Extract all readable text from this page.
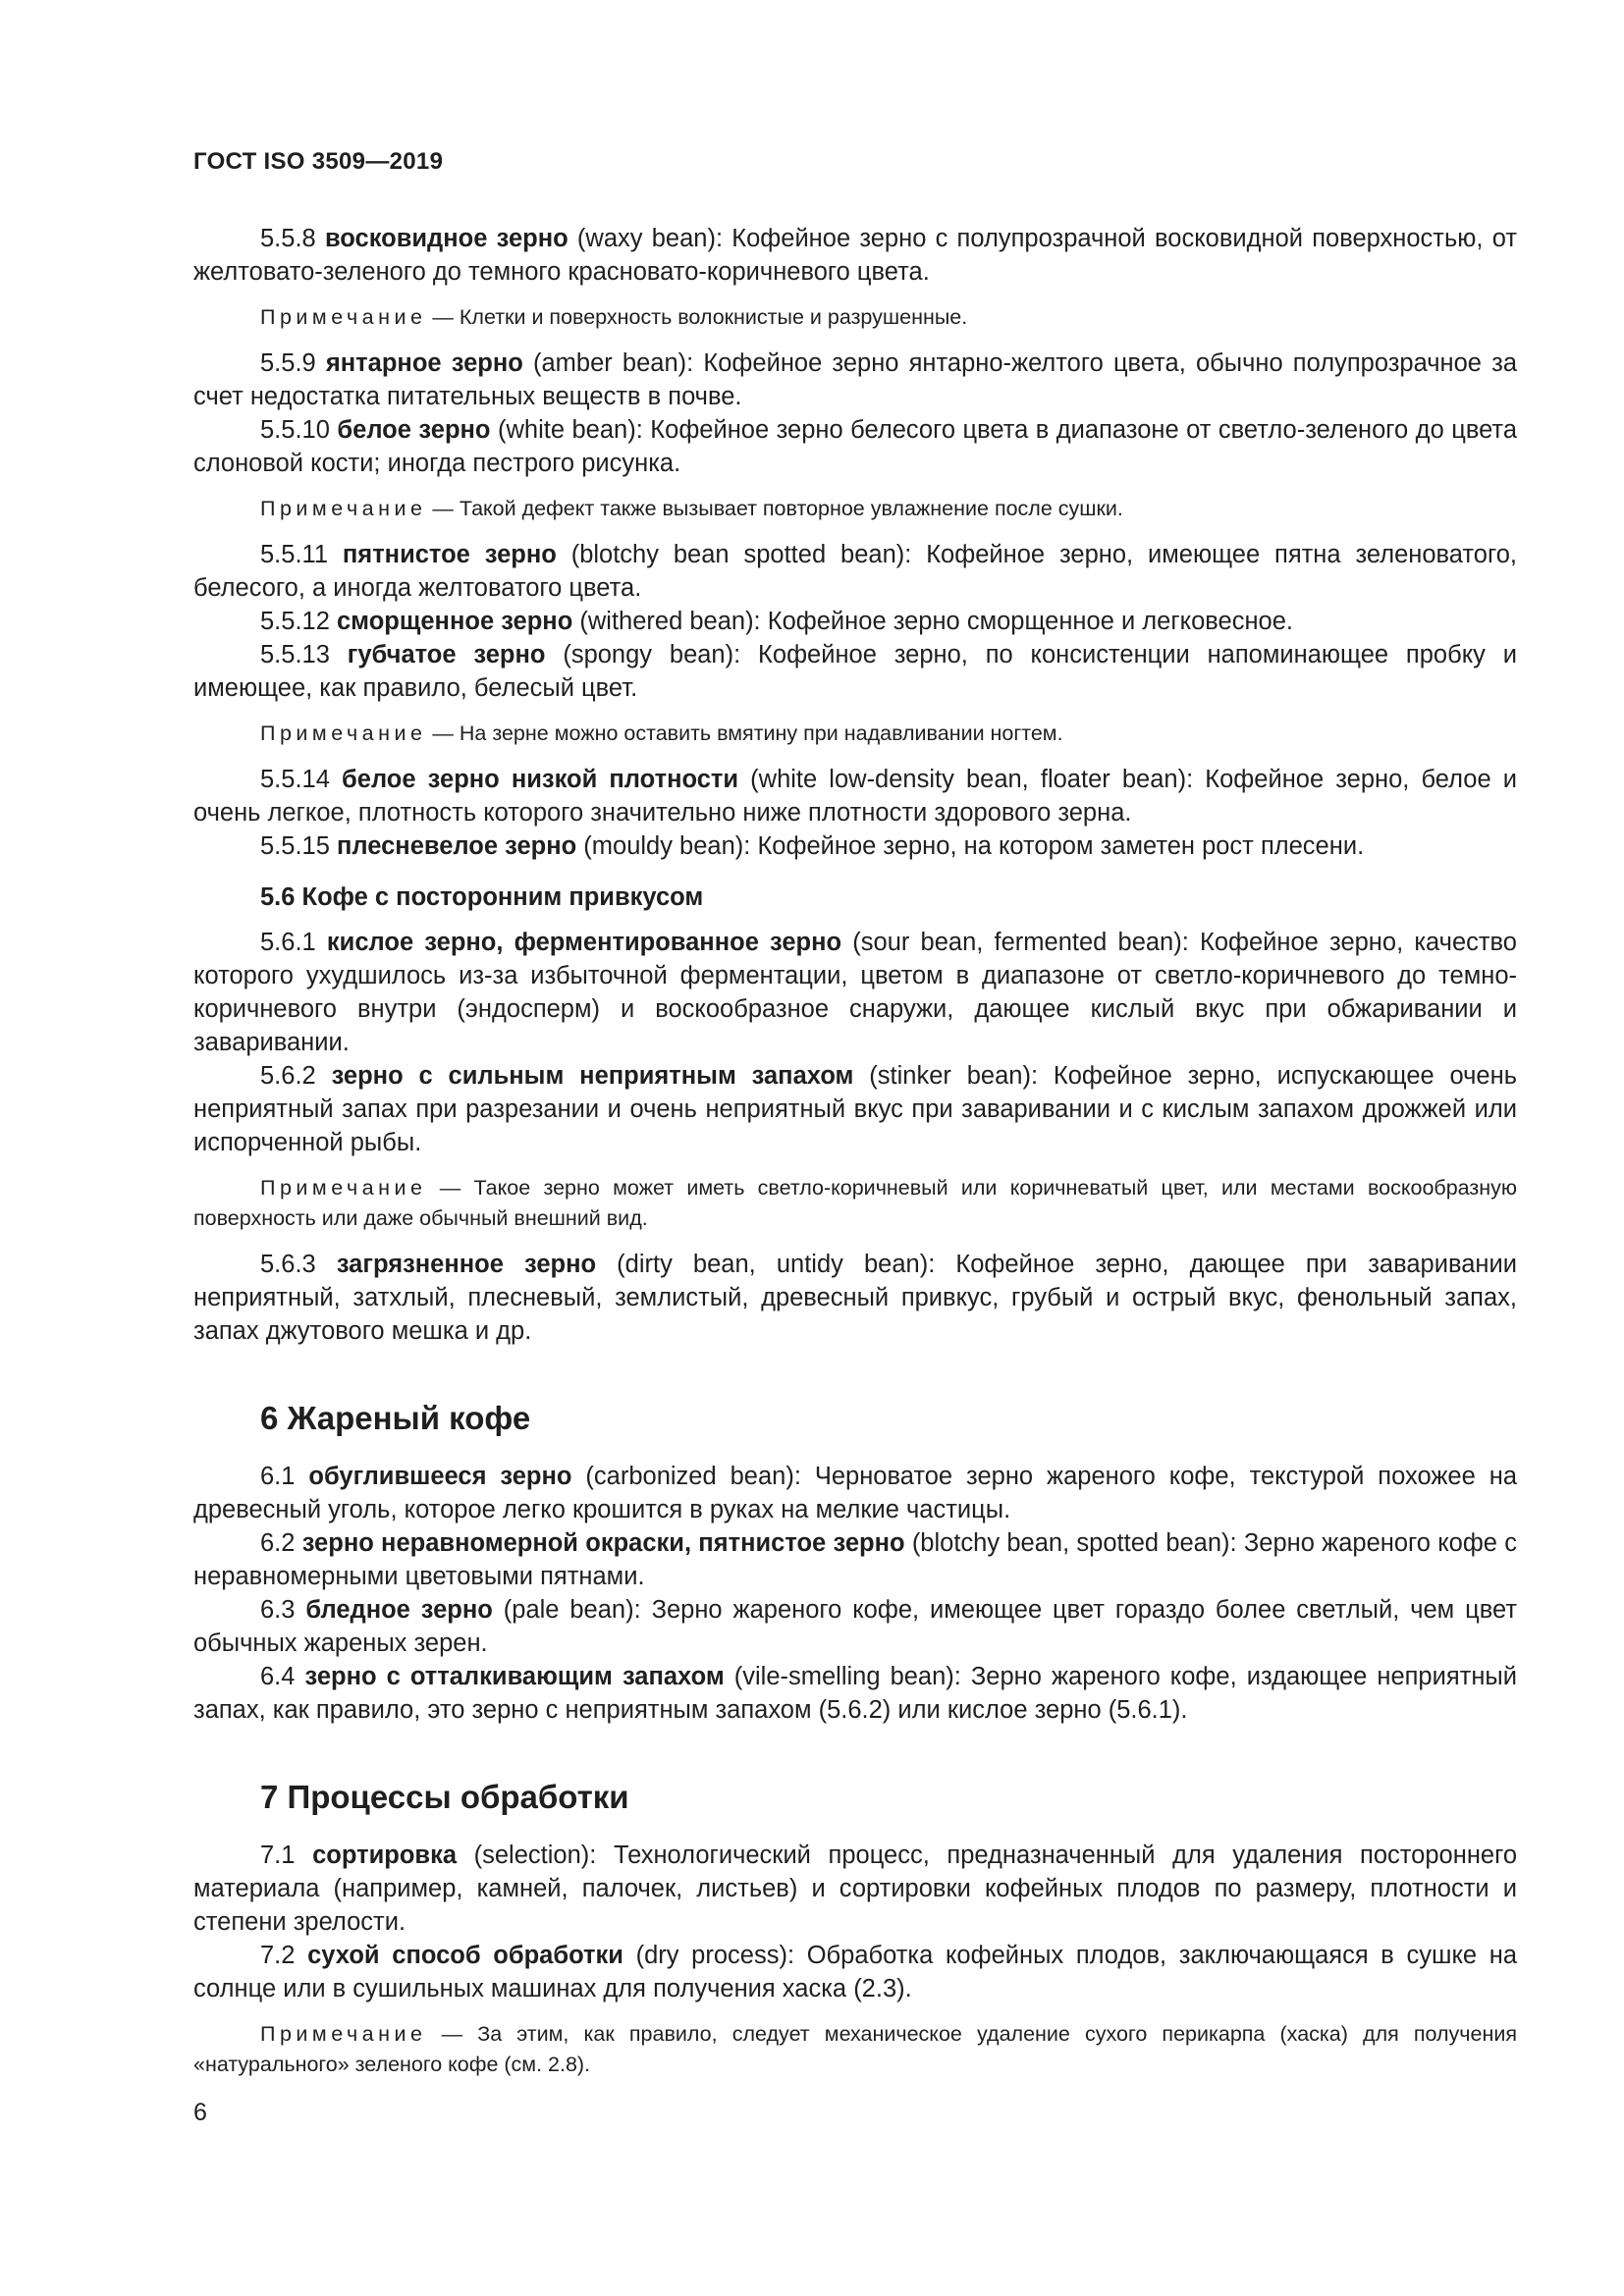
ГОСТ ISO 3509—2019

5.5.8 восковидное зерно (waxy bean): Кофейное зерно с полупрозрачной восковидной поверхностью, от желтовато-зеленого до темного красновато-коричневого цвета.

Примечание — Клетки и поверхность волокнистые и разрушенные.

5.5.9 янтарное зерно (amber bean): Кофейное зерно янтарно-желтого цвета, обычно полупрозрачное за счет недостатка питательных веществ в почве.

5.5.10 белое зерно (white bean): Кофейное зерно белесого цвета в диапазоне от светло-зеленого до цвета слоновой кости; иногда пестрого рисунка.

Примечание — Такой дефект также вызывает повторное увлажнение после сушки.

5.5.11 пятнистое зерно (blotchy bean spotted bean): Кофейное зерно, имеющее пятна зеленоватого, белесого, а иногда желтоватого цвета.

5.5.12 сморщенное зерно (withered bean): Кофейное зерно сморщенное и легковесное.

5.5.13 губчатое зерно (spongy bean): Кофейное зерно, по консистенции напоминающее пробку и имеющее, как правило, белесый цвет.

Примечание — На зерне можно оставить вмятину при надавливании ногтем.

5.5.14 белое зерно низкой плотности (white low-density bean, floater bean): Кофейное зерно, белое и очень легкое, плотность которого значительно ниже плотности здорового зерна.

5.5.15 плесневелое зерно (mouldy bean): Кофейное зерно, на котором заметен рост плесени.

5.6 Кофе с посторонним привкусом

5.6.1 кислое зерно, ферментированное зерно (sour bean, fermented bean): Кофейное зерно, качество которого ухудшилось из-за избыточной ферментации, цветом в диапазоне от светло-коричневого до темно-коричневого внутри (эндосперм) и воскообразное снаружи, дающее кислый вкус при обжаривании и заваривании.

5.6.2 зерно с сильным неприятным запахом (stinker bean): Кофейное зерно, испускающее очень неприятный запах при разрезании и очень неприятный вкус при заваривании и с кислым запахом дрожжей или испорченной рыбы.

Примечание — Такое зерно может иметь светло-коричневый или коричневатый цвет, или местами воскообразную поверхность или даже обычный внешний вид.

5.6.3 загрязненное зерно (dirty bean, untidy bean): Кофейное зерно, дающее при заваривании неприятный, затхлый, плесневый, землистый, древесный привкус, грубый и острый вкус, фенольный запах, запах джутового мешка и др.

6 Жареный кофе

6.1 обуглившееся зерно (carbonized bean): Черноватое зерно жареного кофе, текстурой похожее на древесный уголь, которое легко крошится в руках на мелкие частицы.

6.2 зерно неравномерной окраски, пятнистое зерно (blotchy bean, spotted bean): Зерно жареного кофе с неравномерными цветовыми пятнами.

6.3 бледное зерно (pale bean): Зерно жареного кофе, имеющее цвет гораздо более светлый, чем цвет обычных жареных зерен.

6.4 зерно с отталкивающим запахом (vile-smelling bean): Зерно жареного кофе, издающее неприятный запах, как правило, это зерно с неприятным запахом (5.6.2) или кислое зерно (5.6.1).

7 Процессы обработки

7.1 сортировка (selection): Технологический процесс, предназначенный для удаления постороннего материала (например, камней, палочек, листьев) и сортировки кофейных плодов по размеру, плотности и степени зрелости.

7.2 сухой способ обработки (dry process): Обработка кофейных плодов, заключающаяся в сушке на солнце или в сушильных машинах для получения хаска (2.3).

Примечание — За этим, как правило, следует механическое удаление сухого перикарпа (хаска) для получения «натурального» зеленого кофе (см. 2.8).

6
